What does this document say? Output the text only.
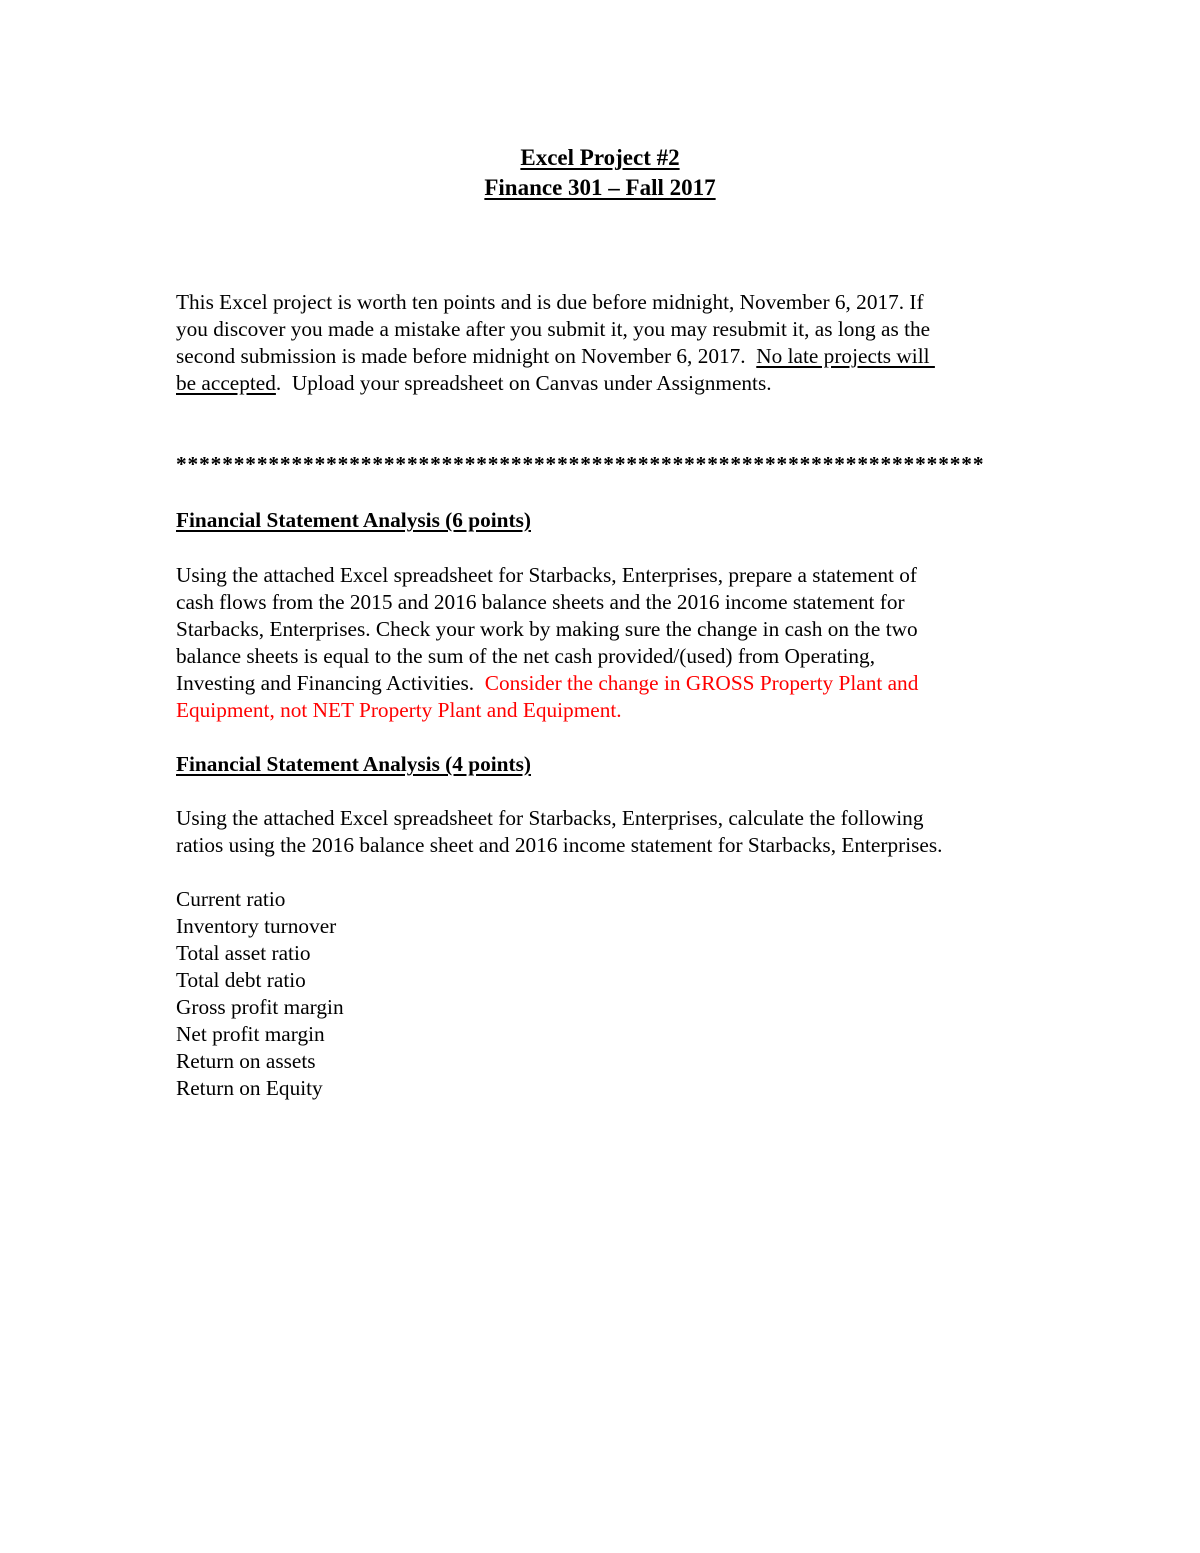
Excel Project #2
Finance 301 – Fall 2017
This Excel project is worth ten points and is due before midnight, November 6, 2017. If
you discover you made a mistake after you submit it, you may resubmit it, as long as the
second submission is made before midnight on November 6, 2017.  No late projects will
be accepted.  Upload your spreadsheet on Canvas under Assignments.
**********************************************************************
Financial Statement Analysis (6 points)
Using the attached Excel spreadsheet for Starbacks, Enterprises, prepare a statement of
cash flows from the 2015 and 2016 balance sheets and the 2016 income statement for
Starbacks, Enterprises. Check your work by making sure the change in cash on the two
balance sheets is equal to the sum of the net cash provided/(used) from Operating,
Investing and Financing Activities.  Consider the change in GROSS Property Plant and
Equipment, not NET Property Plant and Equipment.
Financial Statement Analysis (4 points)
Using the attached Excel spreadsheet for Starbacks, Enterprises, calculate the following
ratios using the 2016 balance sheet and 2016 income statement for Starbacks, Enterprises.
Current ratio
Inventory turnover
Total asset ratio
Total debt ratio
Gross profit margin
Net profit margin
Return on assets
Return on Equity
